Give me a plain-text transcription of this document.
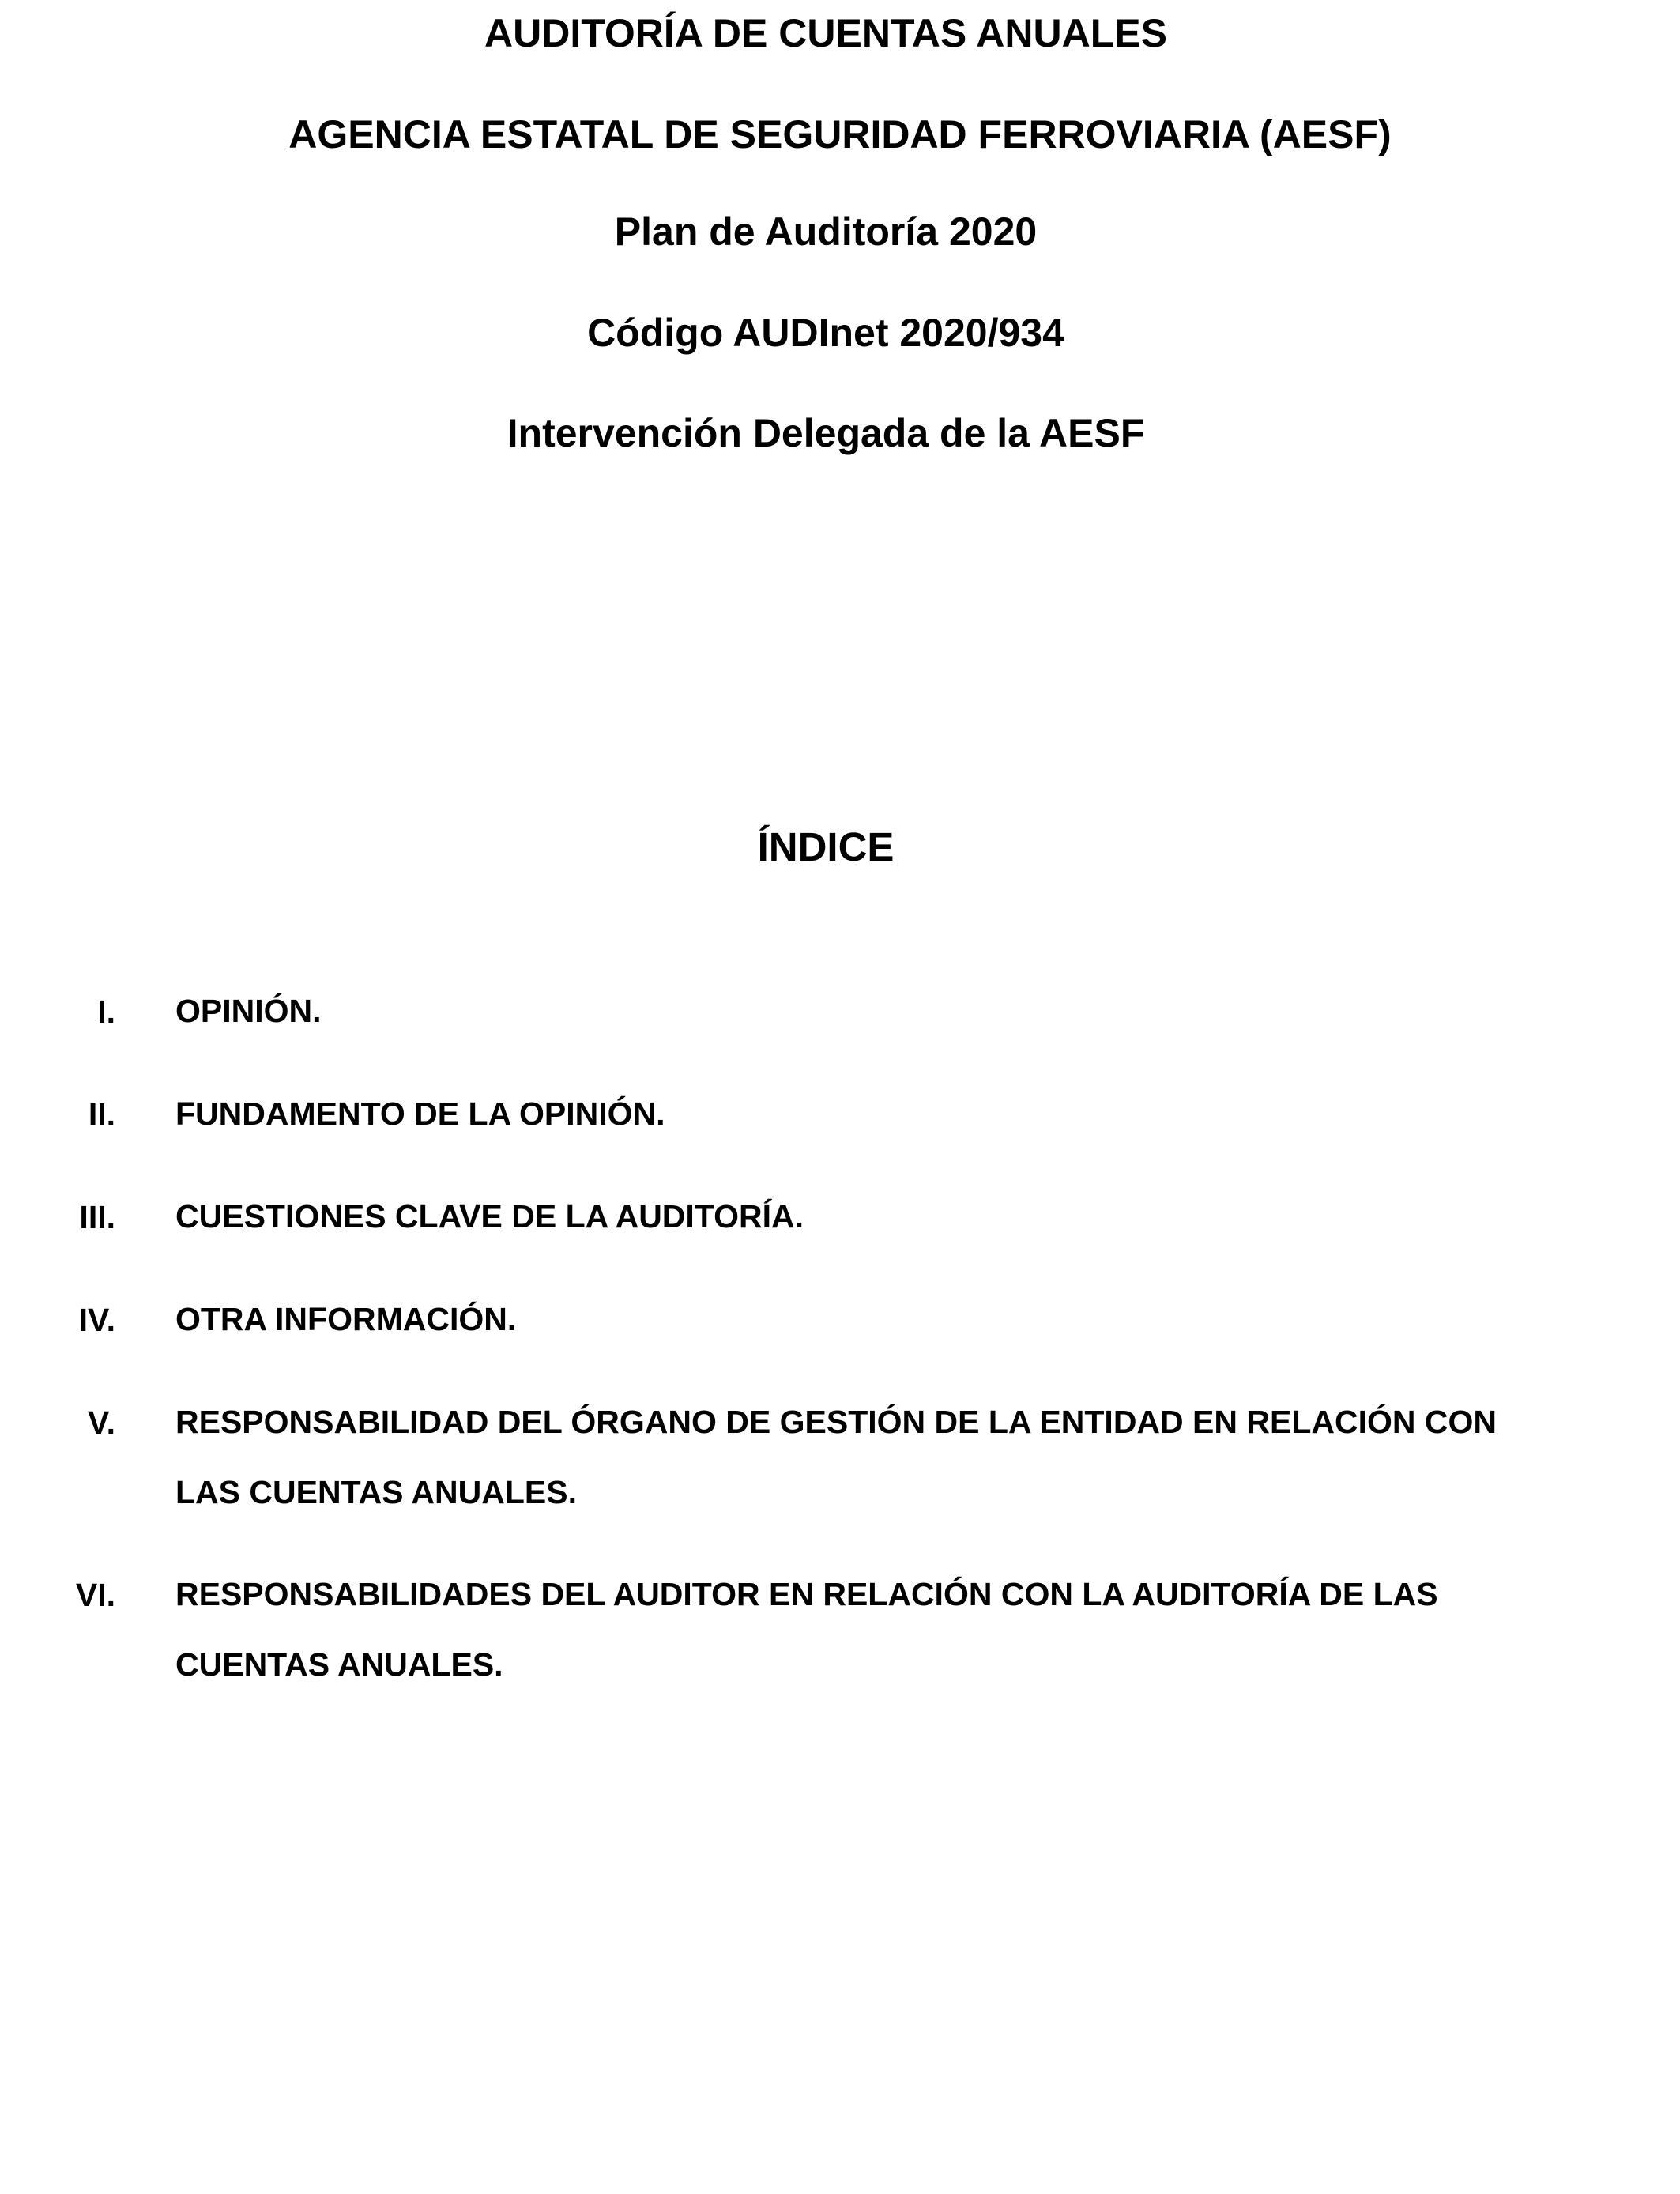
AUDITORÍA DE CUENTAS ANUALES
AGENCIA ESTATAL DE SEGURIDAD FERROVIARIA (AESF)
Plan de Auditoría 2020
Código AUDInet 2020/934
Intervención Delegada de la AESF
ÍNDICE
I. OPINIÓN.
II. FUNDAMENTO DE LA OPINIÓN.
III. CUESTIONES CLAVE DE LA AUDITORÍA.
IV. OTRA INFORMACIÓN.
V. RESPONSABILIDAD DEL ÓRGANO DE GESTIÓN DE LA ENTIDAD EN RELACIÓN CON LAS CUENTAS ANUALES.
VI. RESPONSABILIDADES DEL AUDITOR EN RELACIÓN CON LA AUDITORÍA DE LAS CUENTAS ANUALES.
